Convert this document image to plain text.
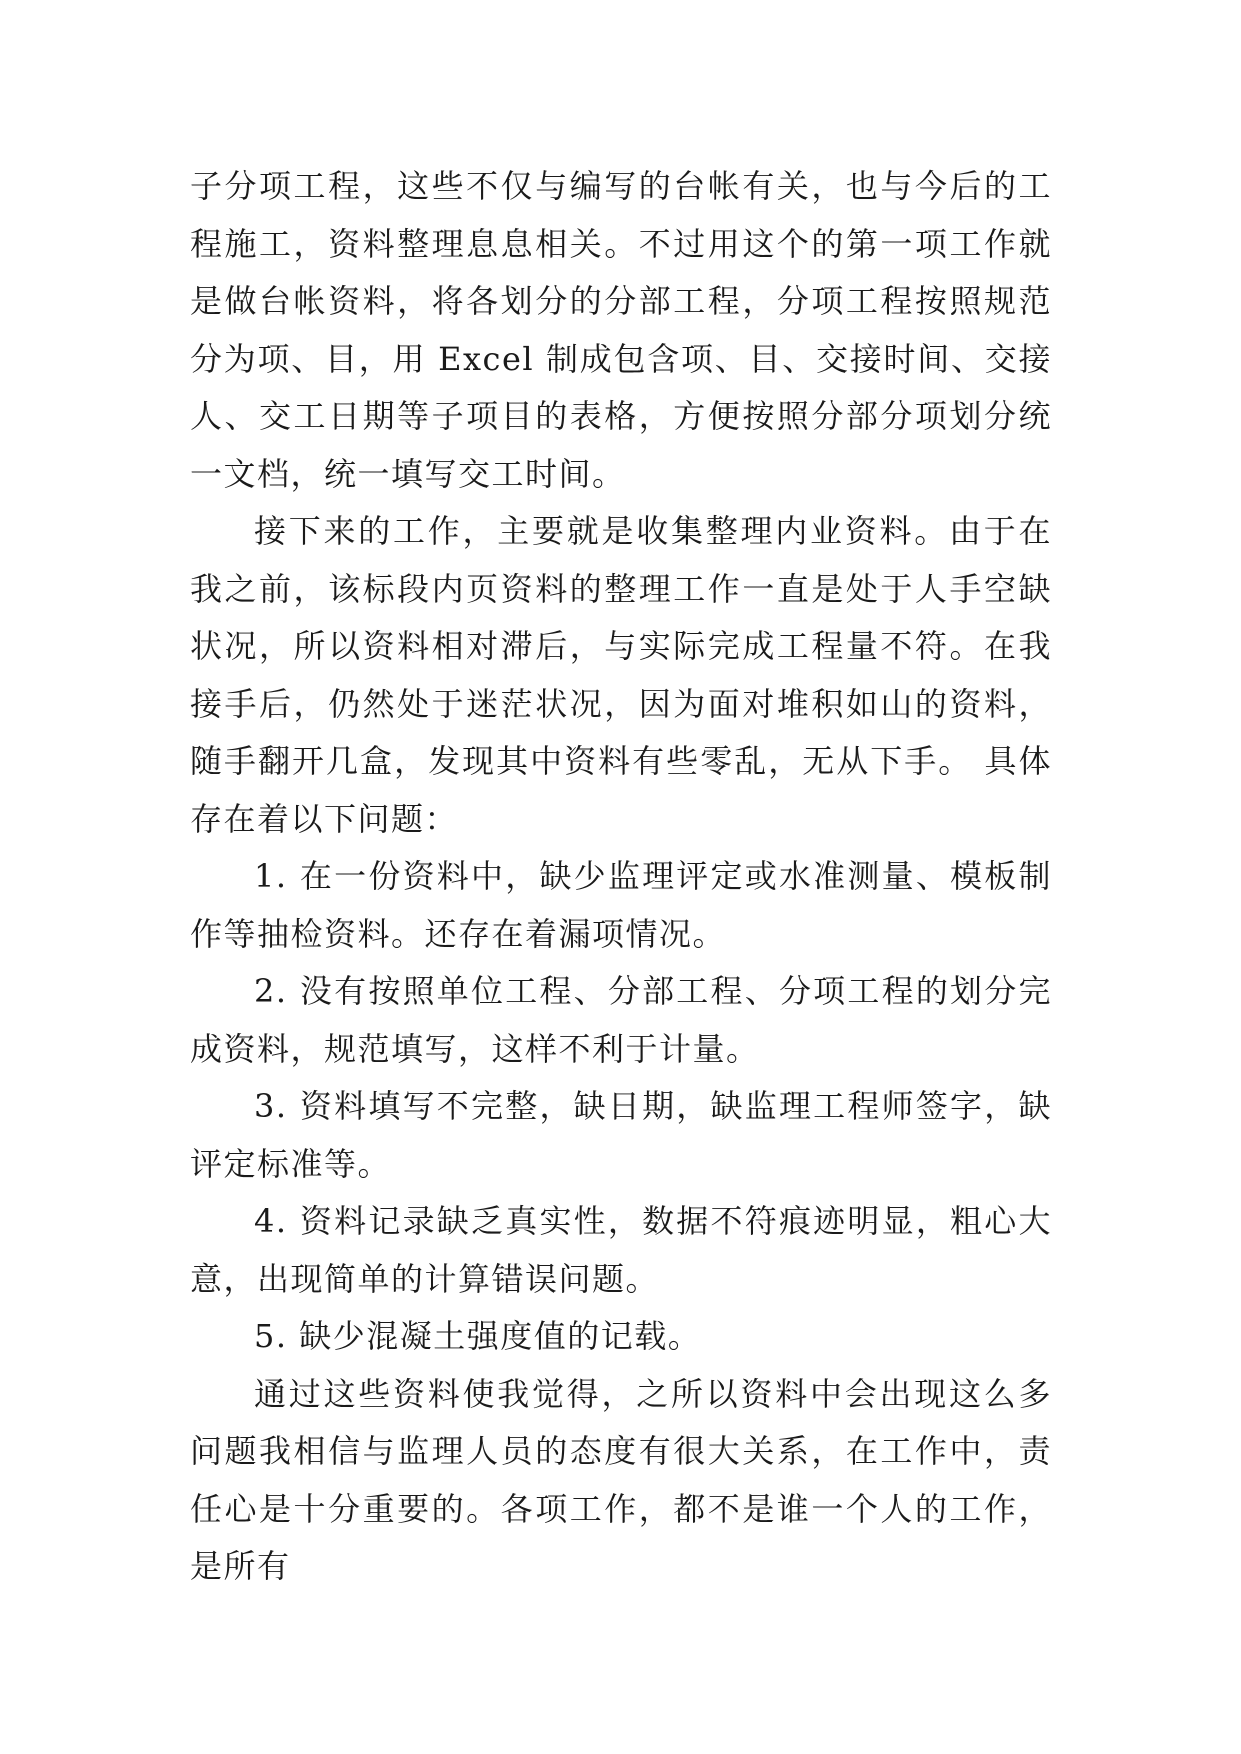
子分项工程，这些不仅与编写的台帐有关，也与今后的工程施工，资料整理息息相关。不过用这个的第一项工作就是做台帐资料，将各划分的分部工程，分项工程按照规范分为项、目，用 Excel 制成包含项、目、交接时间、交接人、交工日期等子项目的表格，方便按照分部分项划分统一文档，统一填写交工时间。

接下来的工作，主要就是收集整理内业资料。由于在我之前，该标段内页资料的整理工作一直是处于人手空缺状况，所以资料相对滞后，与实际完成工程量不符。在我接手后，仍然处于迷茫状况，因为面对堆积如山的资料，随手翻开几盒，发现其中资料有些零乱，无从下手。 具体存在着以下问题：

1. 在一份资料中，缺少监理评定或水准测量、模板制作等抽检资料。还存在着漏项情况。

2. 没有按照单位工程、分部工程、分项工程的划分完成资料，规范填写，这样不利于计量。

3. 资料填写不完整，缺日期，缺监理工程师签字，缺评定标准等。

4. 资料记录缺乏真实性，数据不符痕迹明显，粗心大意，出现简单的计算错误问题。

5. 缺少混凝土强度值的记载。

通过这些资料使我觉得，之所以资料中会出现这么多问题我相信与监理人员的态度有很大关系，在工作中，责任心是十分重要的。各项工作，都不是谁一个人的工作，是所有
